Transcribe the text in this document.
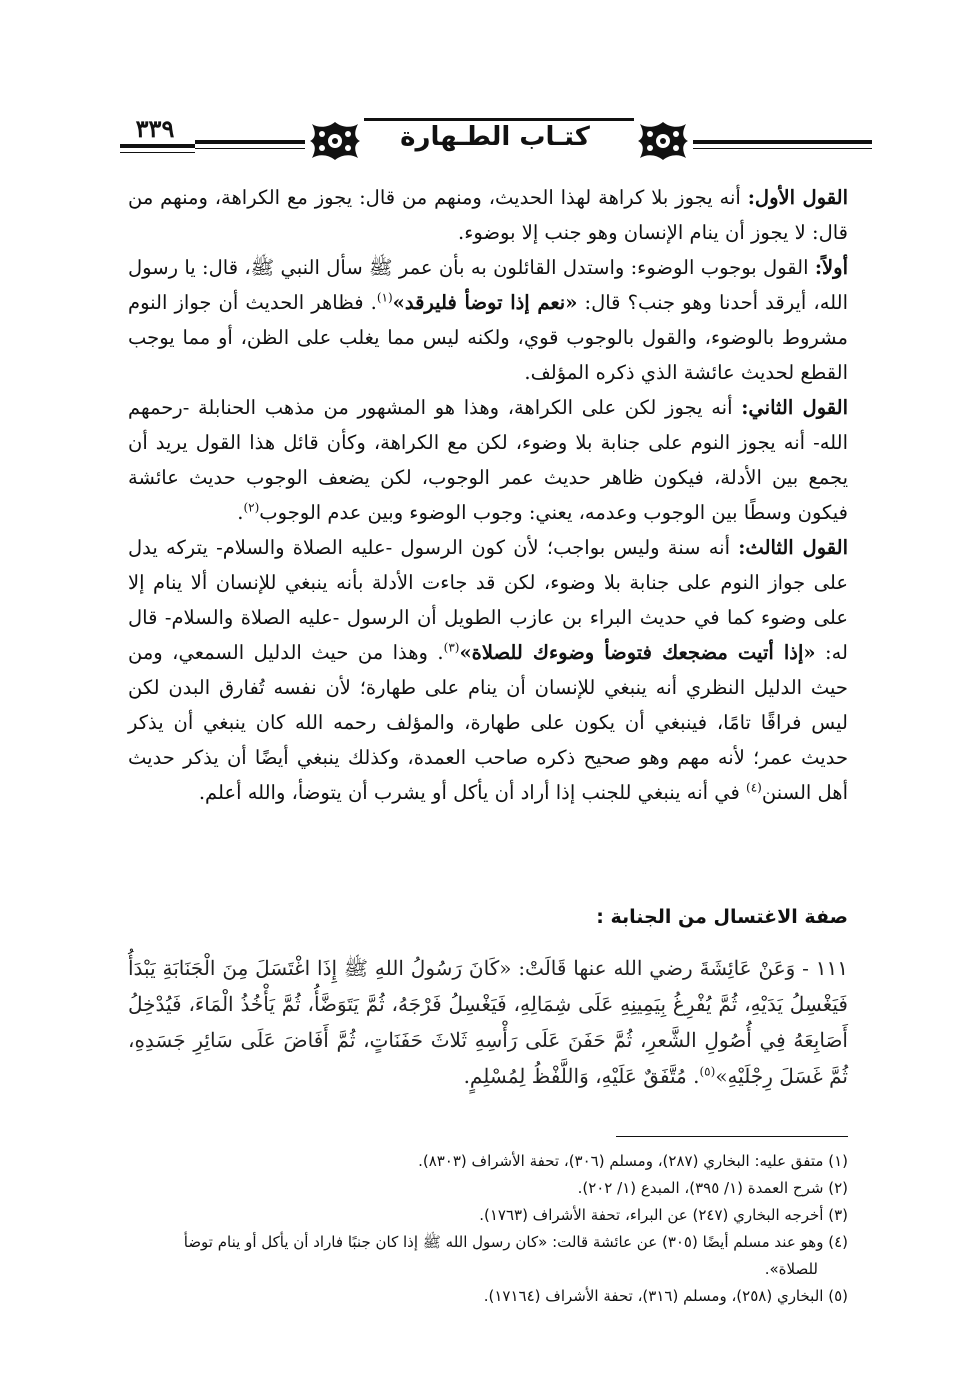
٣٣٩	كتـاب الطـهارة

القول الأول: أنه يجوز بلا كراهة لهذا الحديث، ومنهم من قال: يجوز مع الكراهة، ومنهم من قال: لا يجوز أن ينام الإنسان وهو جنب إلا بوضوء.

أولاً: القول بوجوب الوضوء: واستدل القائلون به بأن عمر ﷺ سأل النبي ﷺ، قال: يا رسول الله، أيرقد أحدنا وهو جنب؟ قال: «نعم إذا توضأ فليرقد»$^{(١)}$. فظاهر الحديث أن جواز النوم مشروط بالوضوء، والقول بالوجوب قوي، ولكنه ليس مما يغلب على الظن، أو مما يوجب القطع لحديث عائشة الذي ذكره المؤلف.

القول الثاني: أنه يجوز لكن على الكراهة، وهذا هو المشهور من مذهب الحنابلة -رحمهم الله- أنه يجوز النوم على جنابة بلا وضوء، لكن مع الكراهة، وكأن قائل هذا القول يريد أن يجمع بين الأدلة، فيكون ظاهر حديث عمر الوجوب، لكن يضعف الوجوب حديث عائشة فيكون وسطًا بين الوجوب وعدمه، يعني: وجوب الوضوء وبين عدم الوجوب$^{(٢)}$.

القول الثالث: أنه سنة وليس بواجب؛ لأن كون الرسول -عليه الصلاة والسلام- يتركه يدل على جواز النوم على جنابة بلا وضوء، لكن قد جاءت الأدلة بأنه ينبغي للإنسان ألا ينام إلا على وضوء كما في حديث البراء بن عازب الطويل أن الرسول -عليه الصلاة والسلام- قال له: «إذا أتيت مضجعك فتوضأ وضوءك للصلاة»$^{(٣)}$. وهذا من حيث الدليل السمعي، ومن حيث الدليل النظري أنه ينبغي للإنسان أن ينام على طهارة؛ لأن نفسه تُفارق البدن لكن ليس فراقًا تامًا، فينبغي أن يكون على طهارة، والمؤلف رحمه الله كان ينبغي أن يذكر حديث عمر؛ لأنه مهم وهو صحيح ذكره صاحب العمدة، وكذلك ينبغي أيضًا أن يذكر حديث أهل السنن$^{(٤)}$ في أنه ينبغي للجنب إذا أراد أن يأكل أو يشرب أن يتوضأ، والله أعلم.

صفة الاغتسال من الجنابة :
١١١ - وَعَنْ عَائِشَةَ رضي الله عنها قَالَتْ: «كَانَ رَسُولُ اللهِ ﷺ إِذَا اغْتَسَلَ مِنَ الْجَنَابَةِ يَبْدَأُ فَيَغْسِلُ يَدَيْهِ، ثُمَّ يُفْرِغُ بِيَمِينِهِ عَلَى شِمَالِهِ، فَيَغْسِلُ فَرْجَهُ، ثُمَّ يَتَوَضَّأُ، ثُمَّ يَأْخُذُ الْمَاءَ، فَيُدْخِلُ أَصَابِعَهُ فِي أُصُولِ الشَّعرِ، ثُمَّ حَفَنَ عَلَى رَأْسِهِ ثَلاثَ حَفَنَاتٍ، ثُمَّ أَفَاضَ عَلَى سَائِرِ جَسَدِهِ، ثُمَّ غَسَلَ رِجْلَيْهِ»$^{(٥)}$. مُتَّفَقٌ عَلَيْهِ، وَاللَّفْظُ لِمُسْلِمٍ.

(١) متفق عليه: البخاري (٢٨٧)، ومسلم (٣٠٦)، تحفة الأشراف (٨٣٠٣).

(٢) شرح العمدة (١/ ٣٩٥)، المبدع (١/ ٢٠٢).

(٣) أخرجه البخاري (٢٤٧) عن البراء، تحفة الأشراف (١٧٦٣).

(٤) وهو عند مسلم أيضًا (٣٠٥) عن عائشة قالت: «كان رسول الله ﷺ إذا كان جنبًا فاراد أن يأكل أو ينام توضأ

للصلاة».

(٥) البخاري (٢٥٨)، ومسلم (٣١٦)، تحفة الأشراف (١٧١٦٤).
